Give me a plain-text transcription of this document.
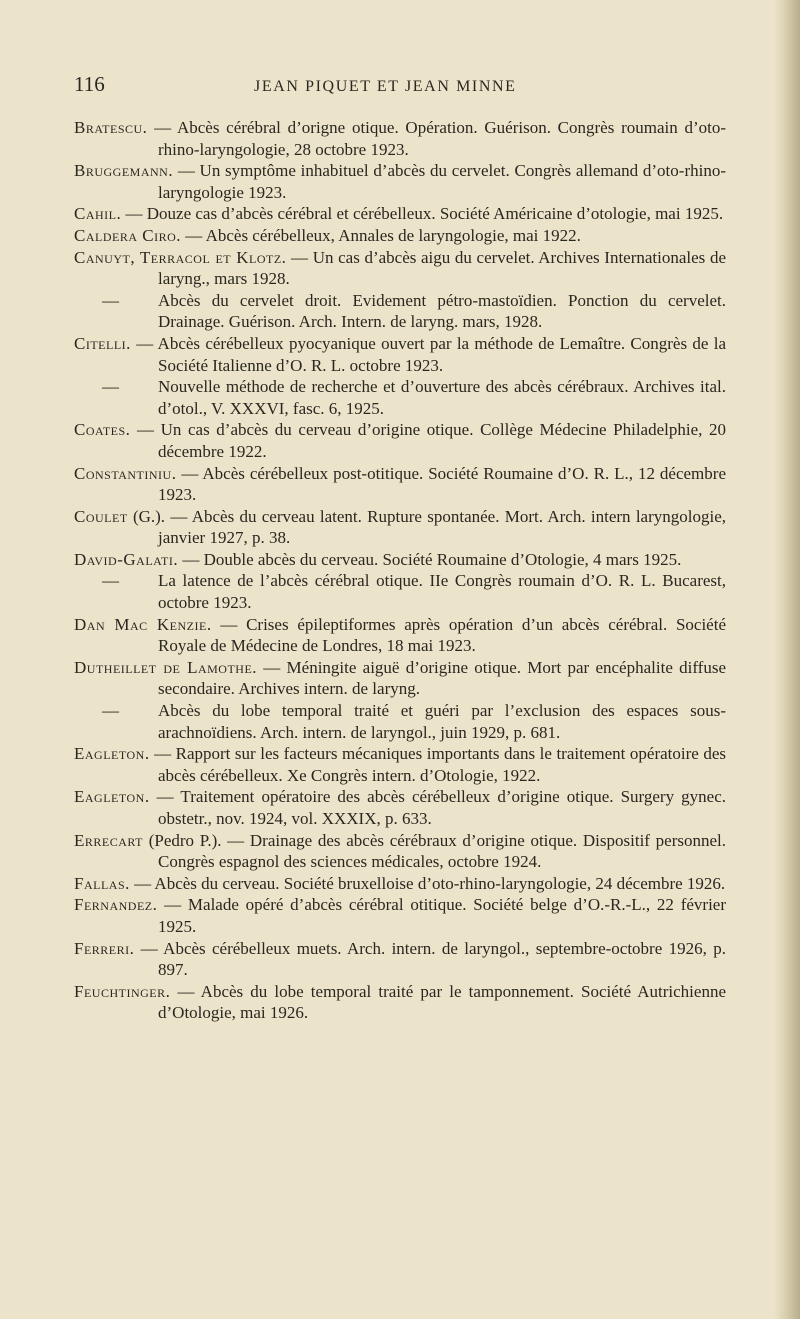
116	JEAN PIQUET ET JEAN MINNE
Bratescu. — Abcès cérébral d’origne otique. Opération. Guérison. Congrès roumain d’oto-rhino-laryngologie, 28 octobre 1923.
Bruggemann. — Un symptôme inhabituel d’abcès du cervelet. Congrès allemand d’oto-rhino-laryngologie 1923.
Cahil. — Douze cas d’abcès cérébral et cérébelleux. Société Américaine d’otologie, mai 1925.
Caldera Ciro. — Abcès cérébelleux, Annales de laryngologie, mai 1922.
Canuyt, Terracol et Klotz. — Un cas d’abcès aigu du cervelet. Archives Internationales de laryng., mars 1928.
— Abcès du cervelet droit. Evidement pétro-mastoïdien. Ponction du cervelet. Drainage. Guérison. Arch. Intern. de laryng. mars, 1928.
Citelli. — Abcès cérébelleux pyocyanique ouvert par la méthode de Lemaître. Congrès de la Société Italienne d’O. R. L. octobre 1923.
— Nouvelle méthode de recherche et d’ouverture des abcès cérébraux. Archives ital. d’otol., V. XXXVI, fasc. 6, 1925.
Coates. — Un cas d’abcès du cerveau d’origine otique. Collège Médecine Philadelphie, 20 décembre 1922.
Constantiniu. — Abcès cérébelleux post-otitique. Société Roumaine d’O. R. L., 12 décembre 1923.
Coulet (G.). — Abcès du cerveau latent. Rupture spontanée. Mort. Arch. intern laryngologie, janvier 1927, p. 38.
David-Galati. — Double abcès du cerveau. Société Roumaine d’Otologie, 4 mars 1925.
— La latence de l’abcès cérébral otique. IIe Congrès roumain d’O. R. L. Bucarest, octobre 1923.
Dan Mac Kenzie. — Crises épileptiformes après opération d’un abcès cérébral. Société Royale de Médecine de Londres, 18 mai 1923.
Dutheillet de Lamothe. — Méningite aiguë d’origine otique. Mort par encéphalite diffuse secondaire. Archives intern. de laryng.
— Abcès du lobe temporal traité et guéri par l’exclusion des espaces sous-arachnoïdiens. Arch. intern. de laryngol., juin 1929, p. 681.
Eagleton. — Rapport sur les facteurs mécaniques importants dans le traitement opératoire des abcès cérébelleux. Xe Congrès intern. d’Otologie, 1922.
Eagleton. — Traitement opératoire des abcès cérébelleux d’origine otique. Surgery gynec. obstetr., nov. 1924, vol. XXXIX, p. 633.
Errecart (Pedro P.). — Drainage des abcès cérébraux d’origine otique. Dispositif personnel. Congrès espagnol des sciences médicales, octobre 1924.
Fallas. — Abcès du cerveau. Société bruxelloise d’oto-rhino-laryngologie, 24 décembre 1926.
Fernandez. — Malade opéré d’abcès cérébral otitique. Société belge d’O.-R.-L., 22 février 1925.
Ferreri. — Abcès cérébelleux muets. Arch. intern. de laryngol., septembre-octobre 1926, p. 897.
Feuchtinger. — Abcès du lobe temporal traité par le tamponnement. Société Autrichienne d’Otologie, mai 1926.
